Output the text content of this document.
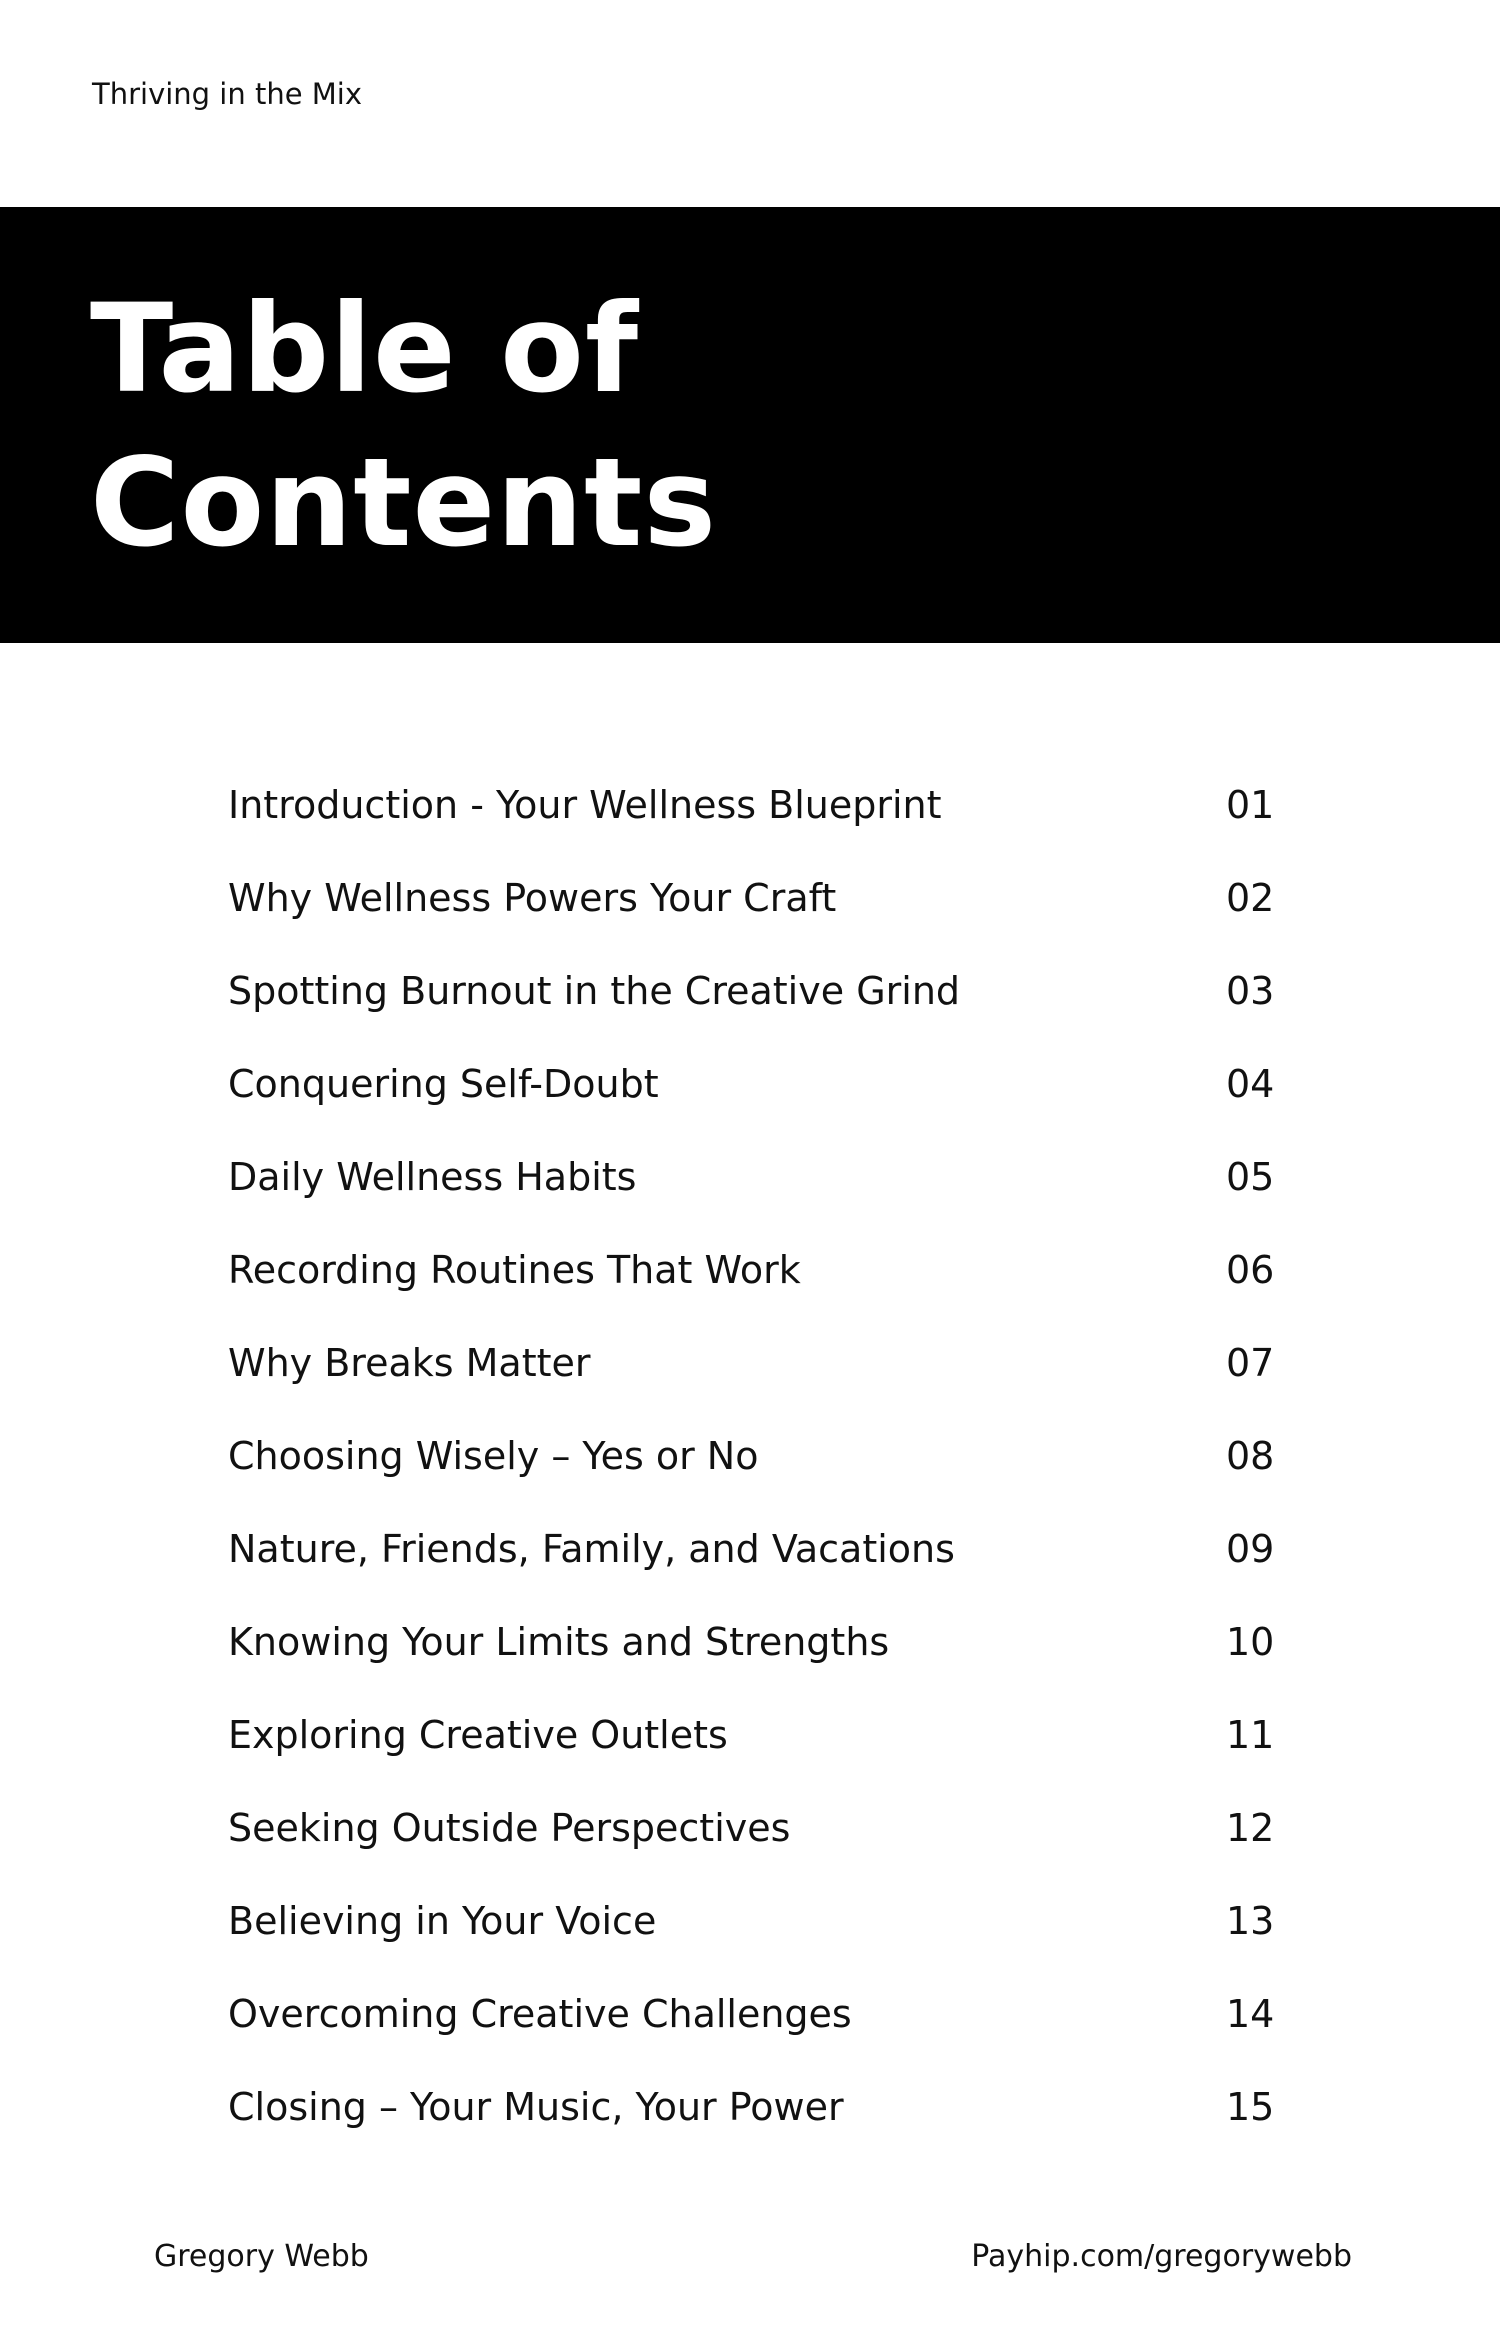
Thriving in the Mix
Table of
Contents
Introduction - Your Wellness Blueprint	01
Why Wellness Powers Your Craft	02
Spotting Burnout in the Creative Grind	03
Conquering Self-Doubt	04
Daily Wellness Habits	05
Recording Routines That Work	06
Why Breaks Matter	07
Choosing Wisely – Yes or No	08
Nature, Friends, Family, and Vacations	09
Knowing Your Limits and Strengths	10
Exploring Creative Outlets	11
Seeking Outside Perspectives	12
Believing in Your Voice	13
Overcoming Creative Challenges	14
Closing – Your Music, Your Power	15
Gregory Webb	Payhip.com/gregorywebb
